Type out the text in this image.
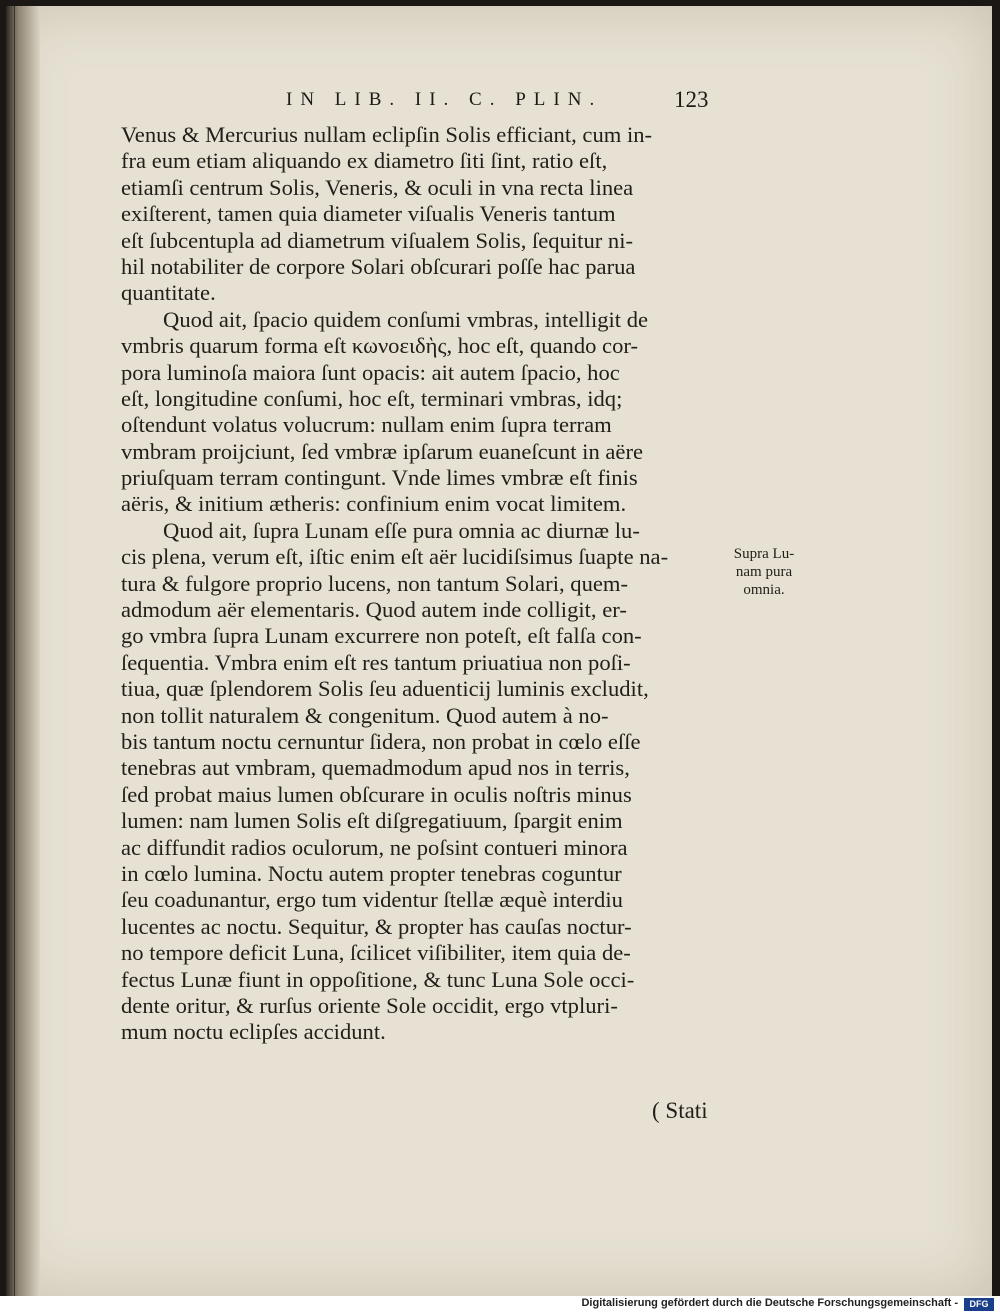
IN LIB. II. C. PLIN.	123
Venus & Mercurius nullam eclipſin Solis efficiant, cum in-
fra eum etiam aliquando ex diametro ſiti ſint, ratio eſt,
etiamſi centrum Solis, Veneris, & oculi in vna recta linea
exiſterent, tamen quia diameter viſualis Veneris tantum
eſt ſubcentupla ad diametrum viſualem Solis, ſequitur ni-
hil notabiliter de corpore Solari obſcurari poſſe hac parua
quantitate.
Quod ait, ſpacio quidem conſumi vmbras, intelligit de
vmbris quarum forma eſt κωνοειδὴς, hoc eſt, quando cor-
pora luminoſa maiora ſunt opacis: ait autem ſpacio, hoc
eſt, longitudine conſumi, hoc eſt, terminari vmbras, idq;
oſtendunt volatus volucrum: nullam enim ſupra terram
vmbram proijciunt, ſed vmbræ ipſarum euaneſcunt in aëre
priuſquam terram contingunt. Vnde limes vmbræ eſt finis
aëris, & initium ætheris: confinium enim vocat limitem.
Quod ait, ſupra Lunam eſſe pura omnia ac diurnæ lu-
cis plena, verum eſt, iſtic enim eſt aër lucidiſsimus ſuapte na-
tura & fulgore proprio lucens, non tantum Solari, quem-
admodum aër elementaris. Quod autem inde colligit, er-
go vmbra ſupra Lunam excurrere non poteſt, eſt falſa con-
ſequentia. Vmbra enim eſt res tantum priuatiua non poſi-
tiua, quæ ſplendorem Solis ſeu aduenticij luminis excludit,
non tollit naturalem & congenitum. Quod autem à no-
bis tantum noctu cernuntur ſidera, non probat in cœlo eſſe
tenebras aut vmbram, quemadmodum apud nos in terris,
ſed probat maius lumen obſcurare in oculis noſtris minus
lumen: nam lumen Solis eſt diſgregatiuum, ſpargit enim
ac diffundit radios oculorum, ne poſsint contueri minora
in cœlo lumina. Noctu autem propter tenebras coguntur
ſeu coadunantur, ergo tum videntur ſtellæ æquè interdiu
lucentes ac noctu. Sequitur, & propter has cauſas noctur-
no tempore deficit Luna, ſcilicet viſibiliter, item quia de-
fectus Lunæ fiunt in oppoſitione, & tunc Luna Sole occi-
dente oritur, & rurſus oriente Sole occidit, ergo vtpluri-
mum noctu eclipſes accidunt.
Supra Lu-
nam pura
omnia.
( Stati
Digitalisierung gefördert durch die Deutsche Forschungsgemeinschaft -	DFG
